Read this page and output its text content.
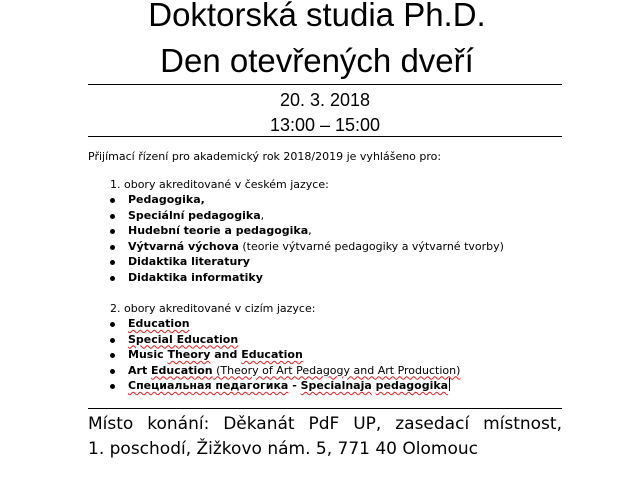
Doktorská studia Ph.D.
Den otevřených dveří
20. 3. 2018
13:00 – 15:00
Přijímací řízení pro akademický rok 2018/2019 je vyhlášeno pro:
1. obory akreditované v českém jazyce:
Pedagogika,
Speciální pedagogika,
Hudební teorie a pedagogika,
Výtvarná výchova (teorie výtvarné pedagogiky a výtvarné tvorby)
Didaktika literatury
Didaktika informatiky
2. obory akreditované v cizím jazyce:
Education
Special Education
Music Theory and Education
Art Education (Theory of Art Pedagogy and Art Production)
Специальная педагогика - Specialnaja pedagogika
Místo konání: Děkanát PdF UP, zasedací místnost,
1. poschodí, Žižkovo nám. 5, 771 40 Olomouc
